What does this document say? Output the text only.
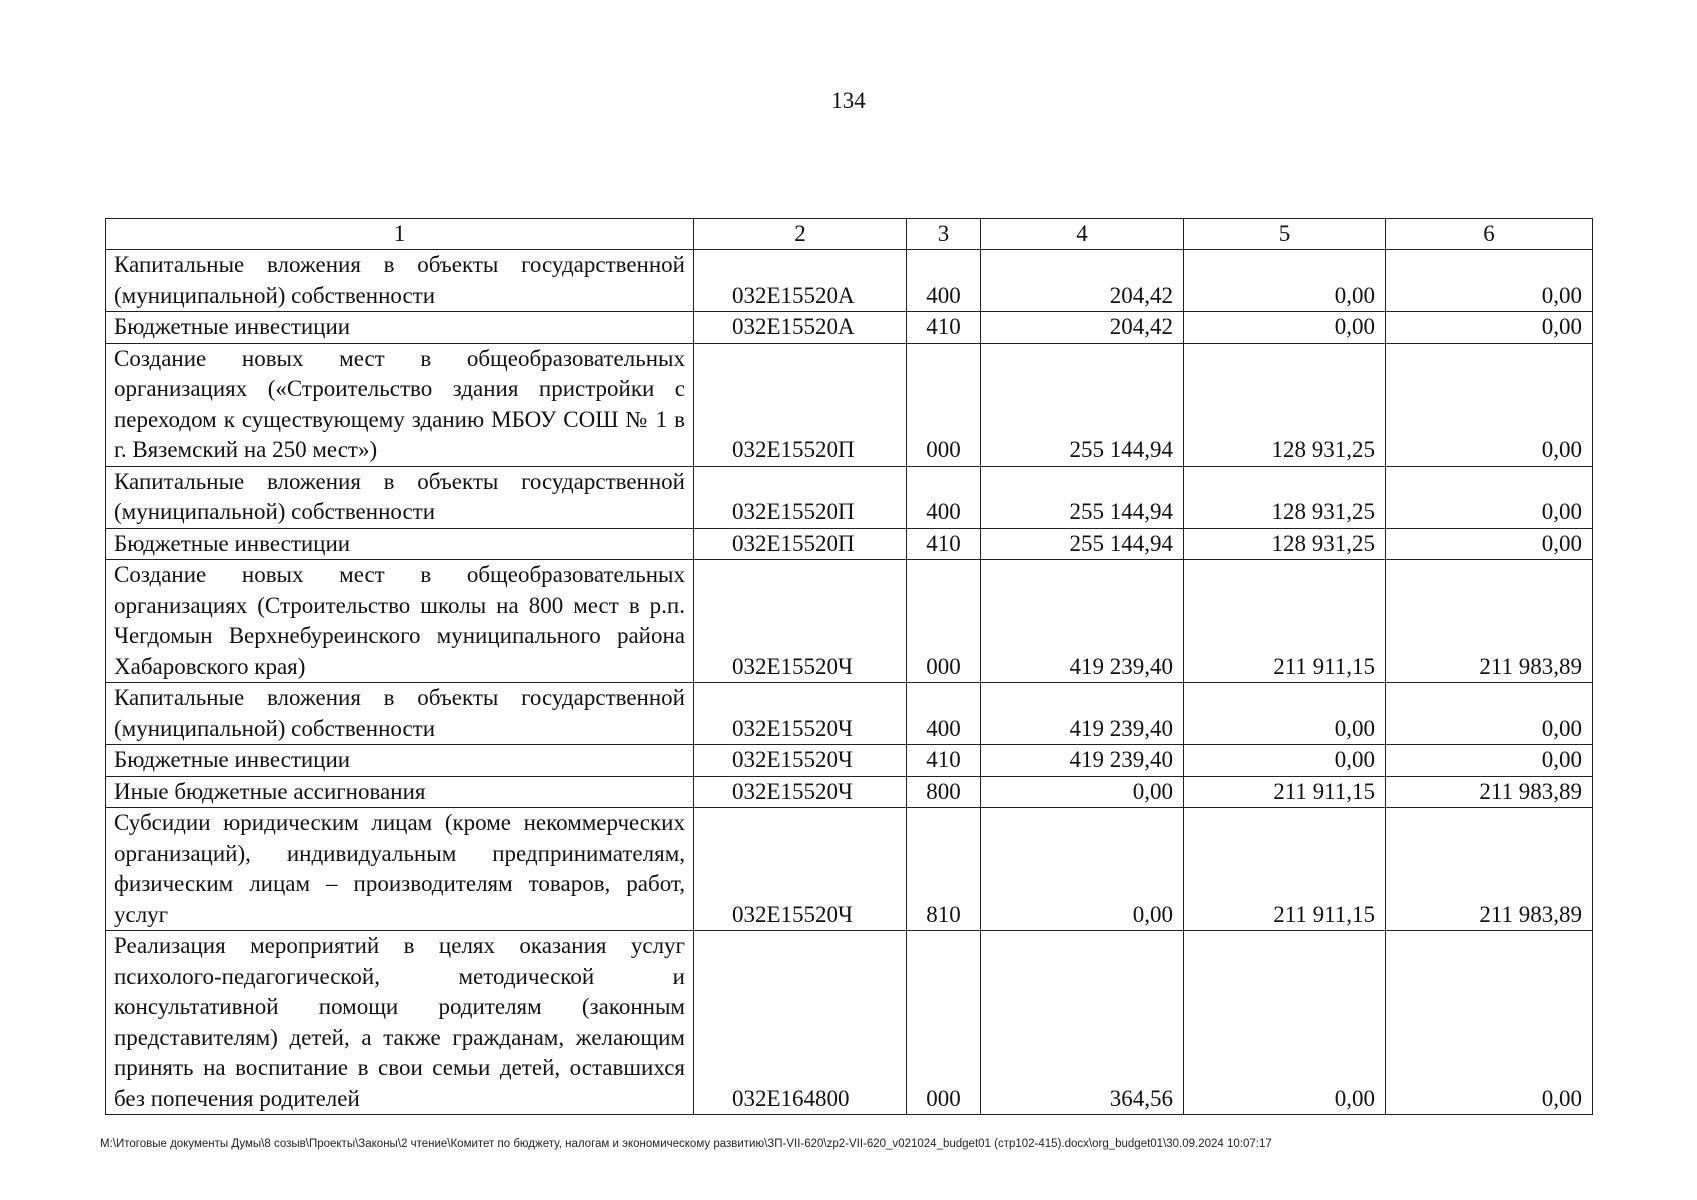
134
1	2	3	4	5	6
Капитальные вложения в объекты государственной (муниципальной) собственности	032E15520А	400	204,42	0,00	0,00
Бюджетные инвестиции	032E15520А	410	204,42	0,00	0,00
Создание новых мест в общеобразовательных организациях («Строительство здания пристройки с переходом к существующему зданию МБОУ СОШ № 1 в г. Вяземский на 250 мест»)	032E15520П	000	255 144,94	128 931,25	0,00
Капитальные вложения в объекты государственной (муниципальной) собственности	032E15520П	400	255 144,94	128 931,25	0,00
Бюджетные инвестиции	032E15520П	410	255 144,94	128 931,25	0,00
Создание новых мест в общеобразовательных организациях (Строительство школы на 800 мест в р.п. Чегдомын Верхнебуреинского муниципального района Хабаровского края)	032E15520Ч	000	419 239,40	211 911,15	211 983,89
Капитальные вложения в объекты государственной (муниципальной) собственности	032E15520Ч	400	419 239,40	0,00	0,00
Бюджетные инвестиции	032E15520Ч	410	419 239,40	0,00	0,00
Иные бюджетные ассигнования	032E15520Ч	800	0,00	211 911,15	211 983,89
Субсидии юридическим лицам (кроме некоммерческих организаций), индивидуальным предпринимателям, физическим лицам – производителям товаров, работ, услуг	032E15520Ч	810	0,00	211 911,15	211 983,89
Реализация мероприятий в целях оказания услуг психолого-педагогической, методической и консультативной помощи родителям (законным представителям) детей, а также гражданам, желающим принять на воспитание в свои семьи детей, оставшихся без попечения родителей	032E164800	000	364,56	0,00	0,00
M:\Итоговые документы Думы\8 созыв\Проекты\Законы\2 чтение\Комитет по бюджету, налогам и экономическому развитию\ЗП-VII-620\zp2-VII-620_v021024_budget01 (стр102-415).docx\org_budget01\30.09.2024 10:07:17
